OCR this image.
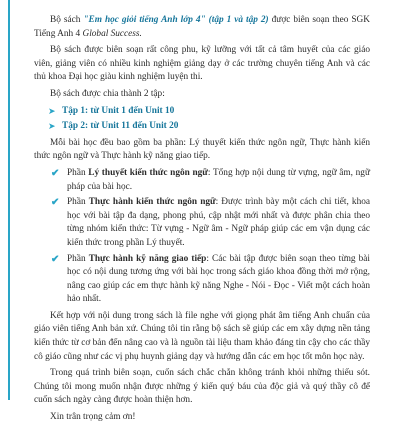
Bộ sách "Em học giỏi tiếng Anh lớp 4" (tập 1 và tập 2) được biên soạn theo SGK Tiếng Anh 4 Global Success.

Bộ sách được biên soạn rất công phu, kỹ lưỡng với tất cả tâm huyết của các giáo viên, giảng viên có nhiều kinh nghiệm giảng dạy ở các trường chuyên tiếng Anh và các thủ khoa Đại học giàu kinh nghiệm luyện thi.

Bộ sách được chia thành 2 tập:

➤ Tập 1: từ Unit 1 đến Unit 10
➤ Tập 2: từ Unit 11 đến Unit 20

Mỗi bài học đều bao gồm ba phần: Lý thuyết kiến thức ngôn ngữ, Thực hành kiến thức ngôn ngữ và Thực hành kỹ năng giao tiếp.

✔ Phần Lý thuyết kiến thức ngôn ngữ: Tổng hợp nội dung từ vựng, ngữ âm, ngữ pháp của bài học.
✔ Phần Thực hành kiến thức ngôn ngữ: Được trình bày một cách chi tiết, khoa học với bài tập đa dạng, phong phú, cập nhật mới nhất và được phân chia theo từng nhóm kiến thức: Từ vựng - Ngữ âm - Ngữ pháp giúp các em vận dụng các kiến thức trong phần Lý thuyết.
✔ Phần Thực hành kỹ năng giao tiếp: Các bài tập được biên soạn theo từng bài học có nội dung tương ứng với bài học trong sách giáo khoa đồng thời mở rộng, nâng cao giúp các em thực hành kỹ năng Nghe - Nói - Đọc - Viết một cách hoàn hảo nhất.

Kết hợp với nội dung trong sách là file nghe với giọng phát âm tiếng Anh chuẩn của giáo viên tiếng Anh bản xứ. Chúng tôi tin rằng bộ sách sẽ giúp các em xây dựng nền tảng kiến thức từ cơ bản đến nâng cao và là nguồn tài liệu tham khảo đáng tin cậy cho các thầy cô giáo cũng như các vị phụ huynh giảng dạy và hướng dẫn các em học tốt môn học này.

Trong quá trình biên soạn, cuốn sách chắc chắn không tránh khỏi những thiếu sót. Chúng tôi mong muốn nhận được những ý kiến quý báu của độc giả và quý thầy cô để cuốn sách ngày càng được hoàn thiện hơn.

Xin trân trọng cảm ơn!
